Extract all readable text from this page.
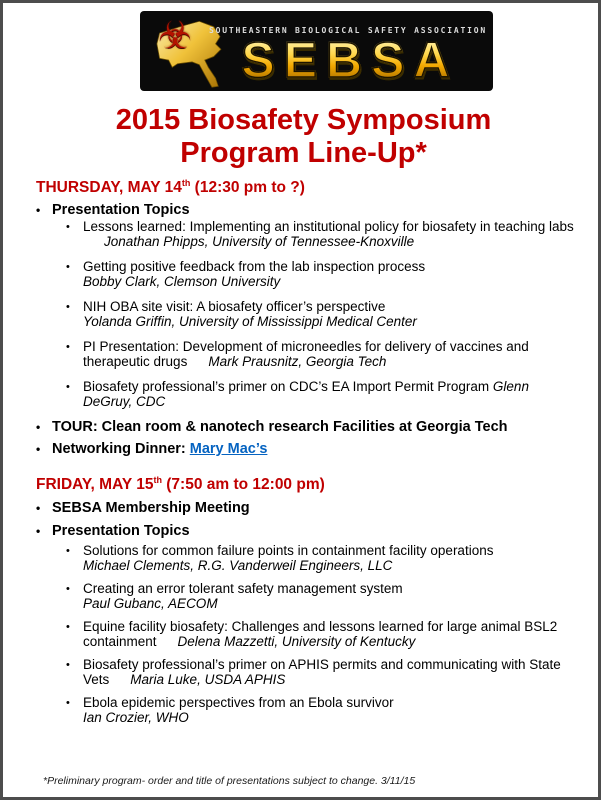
☣ SOUTHEASTERN BIOLOGICAL SAFETY ASSOCIATION
SEBSA
2015 Biosafety Symposium
Program Line-Up*
THURSDAY, MAY 14th (12:30 pm to ?)
• Presentation Topics
• Lessons learned: Implementing an institutional policy for biosafety in teaching labsJonathan Phipps, University of Tennessee-Knoxville
• Getting positive feedback from the lab inspection process
Bobby Clark, Clemson University
• NIH OBA site visit: A biosafety officer’s perspective
Yolanda Griffin, University of Mississippi Medical Center
• PI Presentation: Development of microneedles for delivery of vaccines and therapeutic drugs Mark Prausnitz, Georgia Tech
• Biosafety professional’s primer on CDC’s EA Import Permit Program Glenn DeGruy, CDC
• TOUR: Clean room & nanotech research Facilities at Georgia Tech
• Networking Dinner: Mary Mac’s
FRIDAY, MAY 15th (7:50 am to 12:00 pm)
• SEBSA Membership Meeting
• Presentation Topics
• Solutions for common failure points in containment facility operations
Michael Clements, R.G. Vanderweil Engineers, LLC
• Creating an error tolerant safety management system
Paul Gubanc, AECOM
• Equine facility biosafety: Challenges and lessons learned for large animal BSL2 containment Delena Mazzetti, University of Kentucky
• Biosafety professional’s primer on APHIS permits and communicating with State Vets Maria Luke, USDA APHIS
• Ebola epidemic perspectives from an Ebola survivor
Ian Crozier, WHO
*Preliminary program- order and title of presentations subject to change. 3/11/15
